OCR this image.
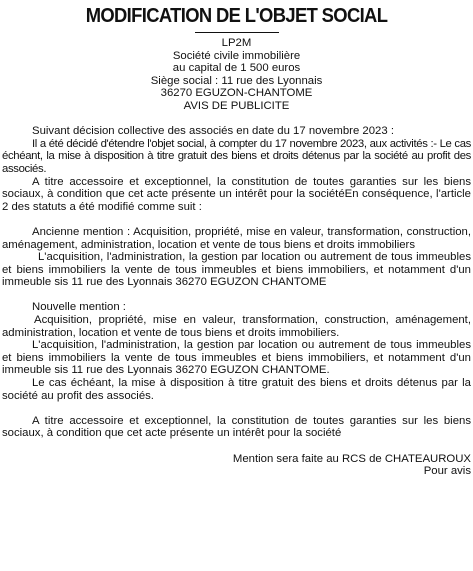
MODIFICATION DE L'OBJET SOCIAL

LP2M

Société civile immobilière

au capital de 1 500 euros

Siège social : 11 rue des Lyonnais

36270 EGUZON-CHANTOME

AVIS DE PUBLICITE

Suivant décision collective des associés en date du 17 novembre 2023 :

Il a été décidé d'étendre l'objet social, à compter du 17 novembre 2023, aux activités :- Le cas échéant, la mise à disposition à titre gratuit des biens et droits détenus par la société au profit des associés.

A titre accessoire et exceptionnel, la constitution de toutes garanties sur les biens sociaux, à condition que cet acte présente un intérêt pour la sociétéEn conséquence, l'article 2 des statuts a été modifié comme suit :

Ancienne mention : Acquisition, propriété, mise en valeur, transformation, construction, aménagement, administration, location et vente de tous biens et droits immobiliers

L'acquisition, l'administration, la gestion par location ou autrement de tous immeubles et biens immobiliers la vente de tous immeubles et biens immobiliers, et notamment d'un immeuble sis 11 rue des Lyonnais 36270 EGUZON CHANTOME

Nouvelle mention :

Acquisition, propriété, mise en valeur, transformation, construction, aménagement, administration, location et vente de tous biens et droits immobiliers.

L'acquisition, l'administration, la gestion par location ou autrement de tous immeubles et biens immobiliers la vente de tous immeubles et biens immobiliers, et notamment d'un immeuble sis 11 rue des Lyonnais 36270 EGUZON CHANTOME.

Le cas échéant, la mise à disposition à titre gratuit des biens et droits détenus par la société au profit des associés.

A titre accessoire et exceptionnel, la constitution de toutes garanties sur les biens sociaux, à condition que cet acte présente un intérêt pour la société

Mention sera faite au RCS de CHATEAUROUX

Pour avis
